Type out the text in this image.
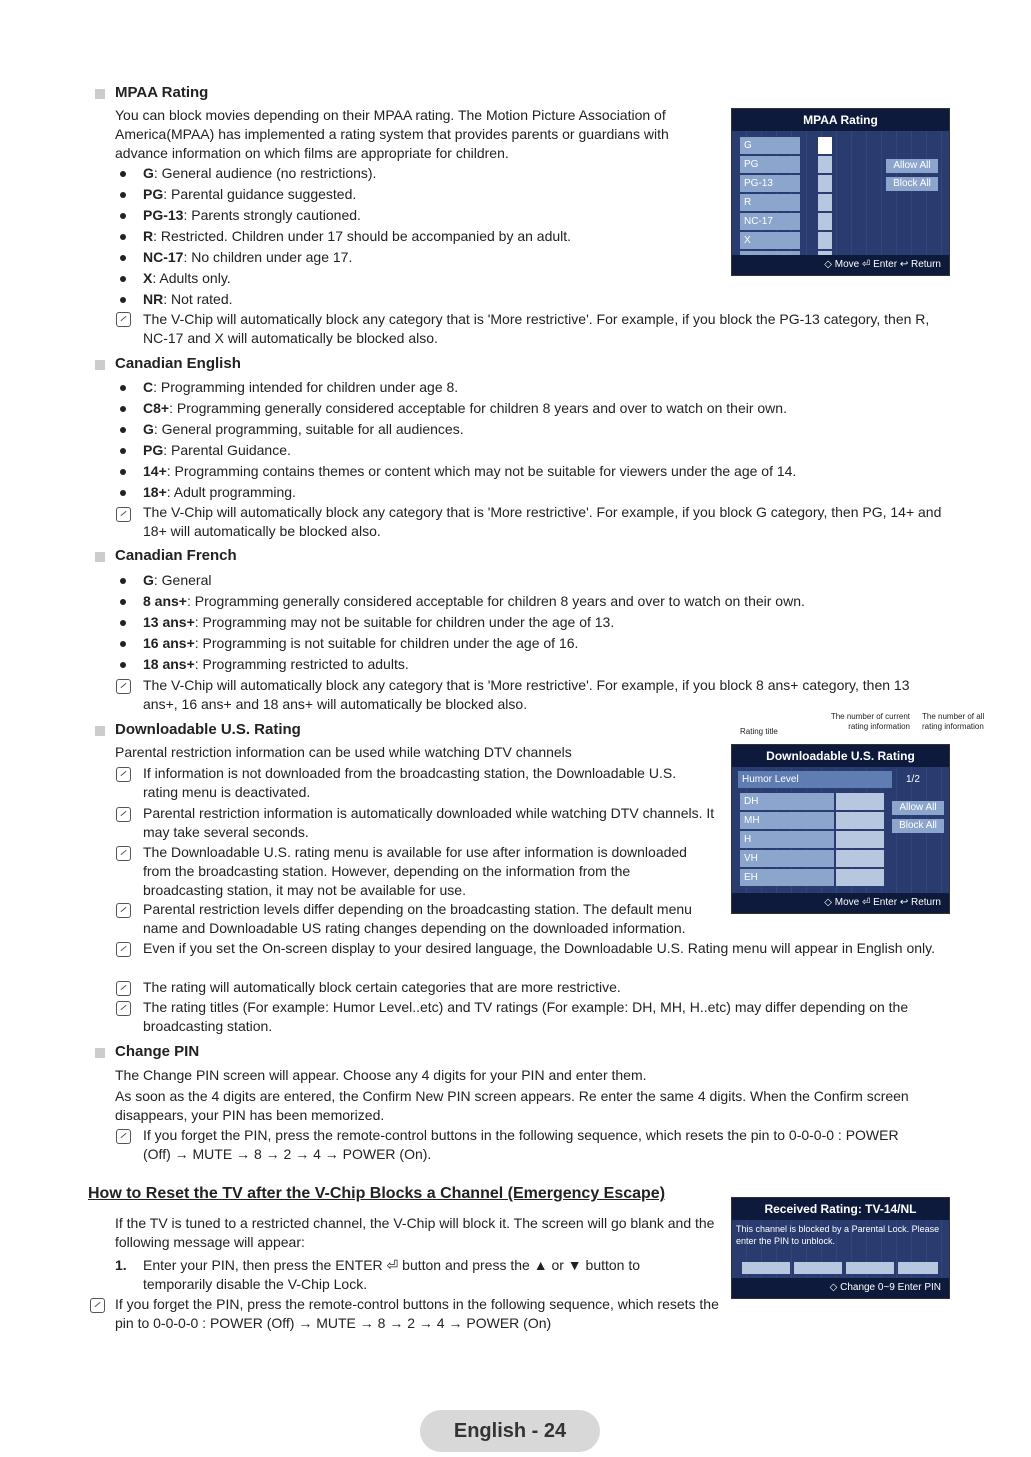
MPAA Rating
You can block movies depending on their MPAA rating. The Motion Picture Association of America(MPAA) has implemented a rating system that provides parents or guardians with advance information on which films are appropriate for children.
G: General audience (no restrictions).
PG: Parental guidance suggested.
PG-13: Parents strongly cautioned.
R: Restricted. Children under 17 should be accompanied by an adult.
NC-17: No children under age 17.
X: Adults only.
NR: Not rated.
The V-Chip will automatically block any category that is 'More restrictive'. For example, if you block the PG-13 category, then R, NC-17 and X will automatically be blocked also.
MPAA Rating
G
PG
PG-13
R
NC-17
X
Allow All
Block All
◇ Move ⏎ Enter ↩ Return
Canadian English
C: Programming intended for children under age 8.
C8+: Programming generally considered acceptable for children 8 years and over to watch on their own.
G: General programming, suitable for all audiences.
PG: Parental Guidance.
14+: Programming contains themes or content which may not be suitable for viewers under the age of 14.
18+: Adult programming.
The V-Chip will automatically block any category that is 'More restrictive'. For example, if you block G category, then PG, 14+ and 18+ will automatically be blocked also.
Canadian French
G: General
8 ans+: Programming generally considered acceptable for children 8 years and over to watch on their own.
13 ans+: Programming may not be suitable for children under the age of 13.
16 ans+: Programming is not suitable for children under the age of 16.
18 ans+: Programming restricted to adults.
The V-Chip will automatically block any category that is 'More restrictive'. For example, if you block 8 ans+ category, then 13 ans+, 16 ans+ and 18 ans+ will automatically be blocked also.
Downloadable U.S. Rating
Parental restriction information can be used while watching DTV channels
If information is not downloaded from the broadcasting station, the Downloadable U.S. rating menu is deactivated.
Parental restriction information is automatically downloaded while watching DTV channels. It may take several seconds.
The Downloadable U.S. rating menu is available for use after information is downloaded from the broadcasting station. However, depending on the information from the broadcasting station, it may not be available for use.
Parental restriction levels differ depending on the broadcasting station. The default menu name and Downloadable US rating changes depending on the downloaded information.
Even if you set the On-screen display to your desired language, the Downloadable U.S. Rating menu will appear in English only.
The rating will automatically block certain categories that are more restrictive.
The rating titles (For example: Humor Level..etc) and TV ratings (For example: DH, MH, H..etc) may differ depending on the broadcasting station.
Rating title
The number of current rating information
The number of all rating information
Downloadable U.S. Rating
Humor Level	1/2
DH
MH
H
VH
EH
Allow All
Block All
◇ Move ⏎ Enter ↩ Return
Change PIN
The Change PIN screen will appear. Choose any 4 digits for your PIN and enter them.
As soon as the 4 digits are entered, the Confirm New PIN screen appears. Re enter the same 4 digits. When the Confirm screen disappears, your PIN has been memorized.
If you forget the PIN, press the remote-control buttons in the following sequence, which resets the pin to 0-0-0-0 : POWER (Off) → MUTE → 8 → 2 → 4 → POWER (On).
How to Reset the TV after the V-Chip Blocks a Channel (Emergency Escape)
If the TV is tuned to a restricted channel, the V-Chip will block it. The screen will go blank and the following message will appear:
1. Enter your PIN, then press the ENTER ⏎ button and press the ▲ or ▼ button to temporarily disable the V-Chip Lock.
If you forget the PIN, press the remote-control buttons in the following sequence, which resets the pin to 0-0-0-0 : POWER (Off) → MUTE → 8 → 2 → 4 → POWER (On)
Received Rating: TV-14/NL
This channel is blocked by a Parental Lock. Please enter the PIN to unblock.
◇ Change 0~9 Enter PIN
English - 24
